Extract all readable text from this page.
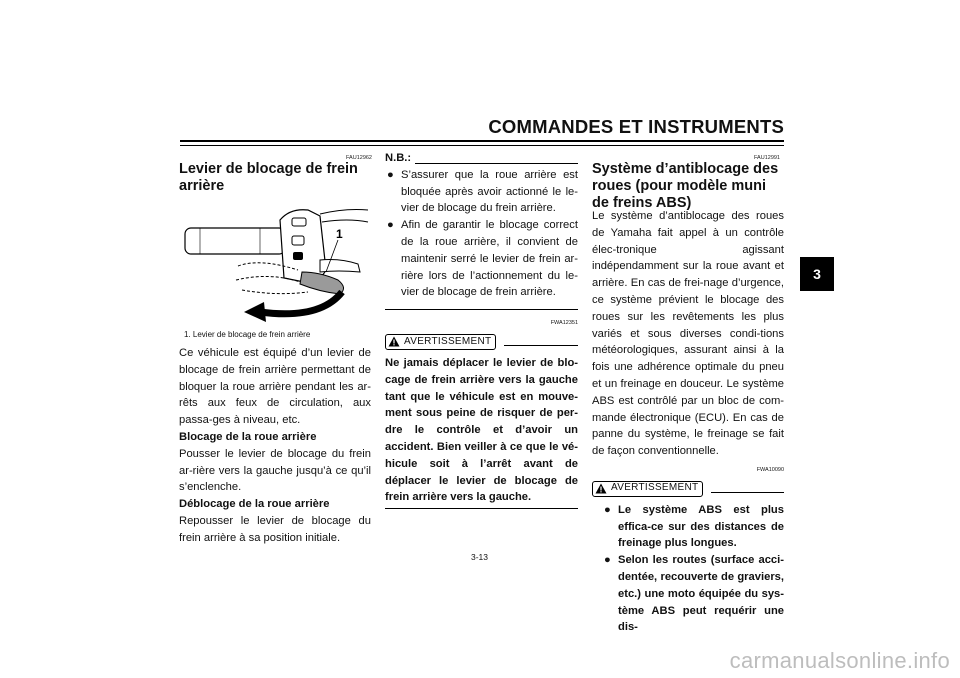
COMMANDES ET INSTRUMENTS
3
FAU12962
Levier de blocage de frein arrière
1
1. Levier de blocage de frein arrière

Ce véhicule est équipé d’un levier de blocage de frein arrière permettant de bloquer la roue arrière pendant les ar-rêts aux feux de circulation, aux passa-ges à niveau, etc.

Blocage de la roue arrière

Pousser le levier de blocage du frein ar-rière vers la gauche jusqu’à ce qu’il s’enclenche.

Déblocage de la roue arrière

Repousser le levier de blocage du frein arrière à sa position initiale.

N.B.:
● S’assurer que la roue arrière est bloquée après avoir actionné le le-vier de blocage du frein arrière.
● Afin de garantir le blocage correct de la roue arrière, il convient de maintenir serré le levier de frein ar-rière lors de l’actionnement du le-vier de blocage de frein arrière.
FWA12351
AVERTISSEMENT

Ne jamais déplacer le levier de blo-cage de frein arrière vers la gauche tant que le véhicule est en mouve-ment sous peine de risquer de per-dre le contrôle et d’avoir un accident. Bien veiller à ce que le vé-hicule soit à l’arrêt avant de déplacer le levier de blocage de frein arrière vers la gauche.

FAU12991
Système d’antiblocage des roues (pour modèle muni de freins ABS)

Le système d’antiblocage des roues de Yamaha fait appel à un contrôle élec-tronique agissant indépendamment sur la roue avant et arrière. En cas de frei-nage d’urgence, ce système prévient le blocage des roues sur les revêtements les plus variés et sous diverses condi-tions météorologiques, assurant ainsi à la fois une adhérence optimale du pneu et un freinage en douceur. Le système ABS est contrôlé par un bloc de com-mande électronique (ECU). En cas de panne du système, le freinage se fait de façon conventionnelle.

FWA10090
AVERTISSEMENT
● Le système ABS est plus effica-ce sur des distances de freinage plus longues.
● Selon les routes (surface acci-dentée, recouverte de graviers, etc.) une moto équipée du sys-tème ABS peut requérir une dis-
3-13
carmanualsonline.info
